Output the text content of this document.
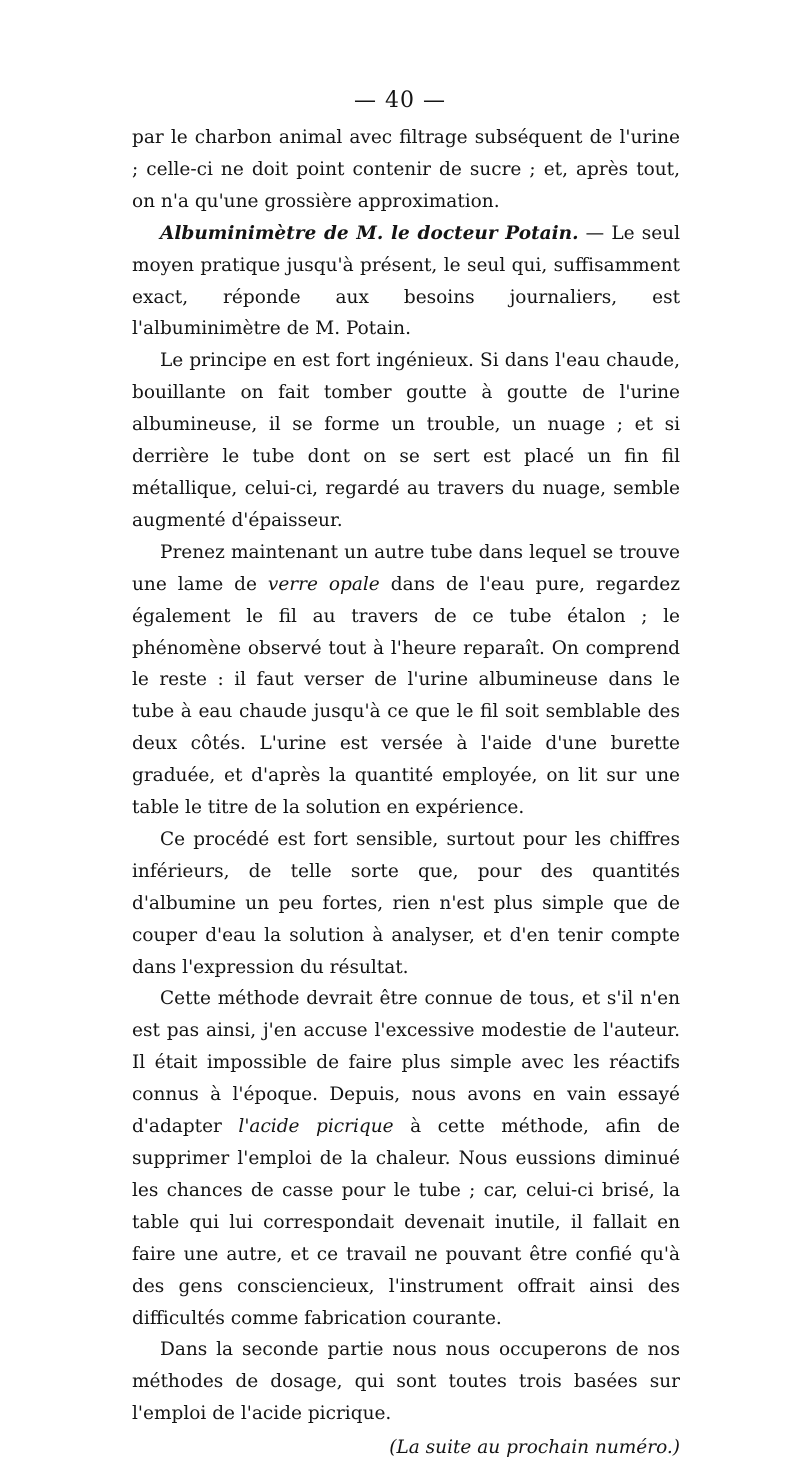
— 40 —

par le charbon animal avec filtrage subséquent de l'urine ; celle-ci ne doit point contenir de sucre ; et, après tout, on n'a qu'une grossière approximation.

Albuminimètre de M. le docteur Potain. — Le seul moyen pratique jusqu'à présent, le seul qui, suffisamment exact, réponde aux besoins journaliers, est l'albuminimètre de M. Potain.

Le principe en est fort ingénieux. Si dans l'eau chaude, bouillante on fait tomber goutte à goutte de l'urine albumineuse, il se forme un trouble, un nuage ; et si derrière le tube dont on se sert est placé un fin fil métallique, celui-ci, regardé au travers du nuage, semble augmenté d'épaisseur.

Prenez maintenant un autre tube dans lequel se trouve une lame de verre opale dans de l'eau pure, regardez également le fil au travers de ce tube étalon ; le phénomène observé tout à l'heure reparaît. On comprend le reste : il faut verser de l'urine albumineuse dans le tube à eau chaude jusqu'à ce que le fil soit semblable des deux côtés. L'urine est versée à l'aide d'une burette graduée, et d'après la quantité employée, on lit sur une table le titre de la solution en expérience.

Ce procédé est fort sensible, surtout pour les chiffres inférieurs, de telle sorte que, pour des quantités d'albumine un peu fortes, rien n'est plus simple que de couper d'eau la solution à analyser, et d'en tenir compte dans l'expression du résultat.

Cette méthode devrait être connue de tous, et s'il n'en est pas ainsi, j'en accuse l'excessive modestie de l'auteur. Il était impossible de faire plus simple avec les réactifs connus à l'époque. Depuis, nous avons en vain essayé d'adapter l'acide picrique à cette méthode, afin de supprimer l'emploi de la chaleur. Nous eussions diminué les chances de casse pour le tube ; car, celui-ci brisé, la table qui lui correspondait devenait inutile, il fallait en faire une autre, et ce travail ne pouvant être confié qu'à des gens consciencieux, l'instrument offrait ainsi des difficultés comme fabrication courante.

Dans la seconde partie nous nous occuperons de nos méthodes de dosage, qui sont toutes trois basées sur l'emploi de l'acide picrique.

(La suite au prochain numéro.)
